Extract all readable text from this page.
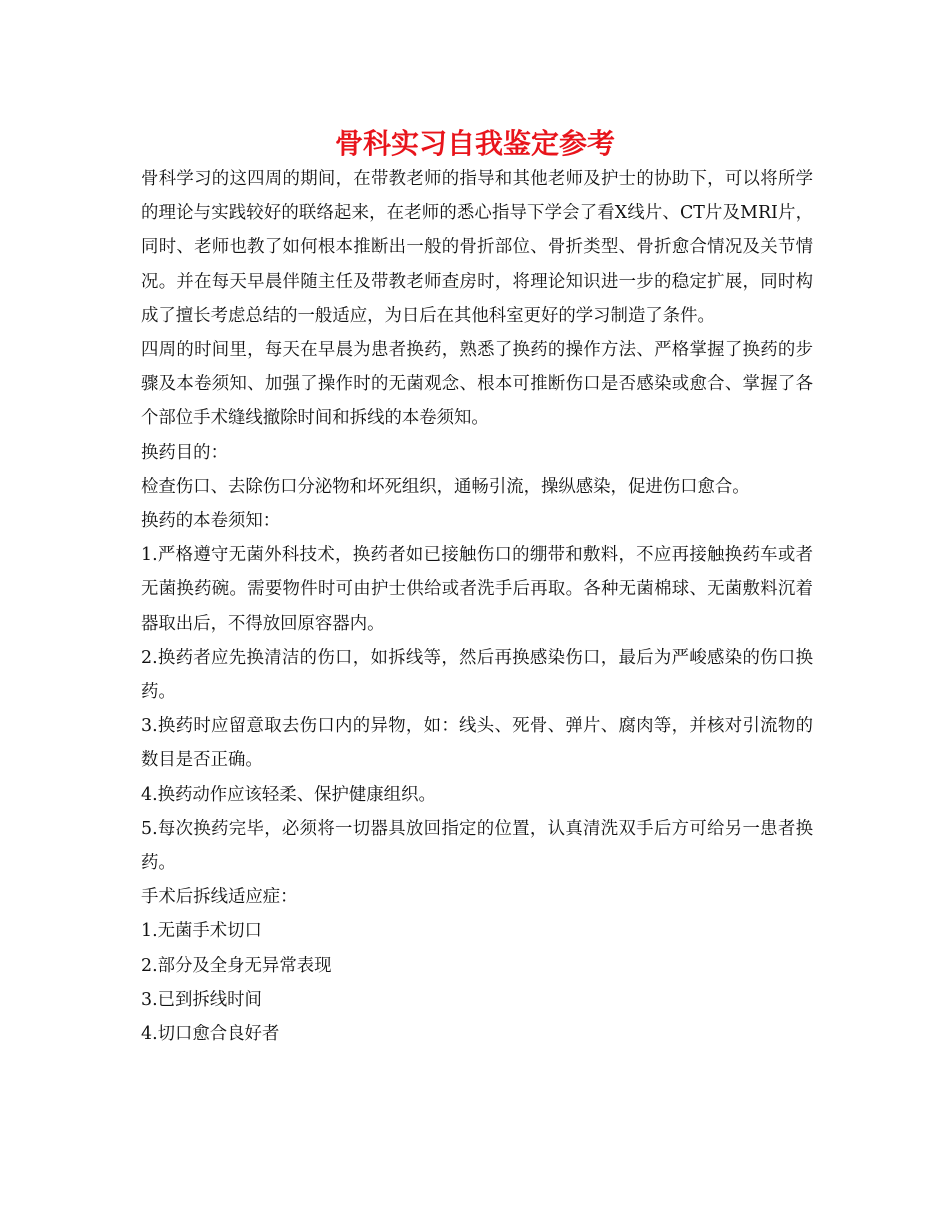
骨科实习自我鉴定参考

骨科学习的这四周的期间，在带教老师的指导和其他老师及护士的协助下，可以将所学的理论与实践较好的联络起来，在老师的悉心指导下学会了看X线片、CT片及MRI片，同时、老师也教了如何根本推断出一般的骨折部位、骨折类型、骨折愈合情况及关节情况。并在每天早晨伴随主任及带教老师查房时，将理论知识进一步的稳定扩展，同时构成了擅长考虑总结的一般适应，为日后在其他科室更好的学习制造了条件。

四周的时间里，每天在早晨为患者换药，熟悉了换药的操作方法、严格掌握了换药的步骤及本卷须知、加强了操作时的无菌观念、根本可推断伤口是否感染或愈合、掌握了各个部位手术缝线撤除时间和拆线的本卷须知。

换药目的：

检查伤口、去除伤口分泌物和坏死组织，通畅引流，操纵感染，促进伤口愈合。

换药的本卷须知：

1.严格遵守无菌外科技术，换药者如已接触伤口的绷带和敷料，不应再接触换药车或者无菌换药碗。需要物件时可由护士供给或者洗手后再取。各种无菌棉球、无菌敷料沉着器取出后，不得放回原容器内。

2.换药者应先换清洁的伤口，如拆线等，然后再换感染伤口，最后为严峻感染的伤口换药。

3.换药时应留意取去伤口内的异物，如：线头、死骨、弹片、腐肉等，并核对引流物的数目是否正确。

4.换药动作应该轻柔、保护健康组织。

5.每次换药完毕，必须将一切器具放回指定的位置，认真清洗双手后方可给另一患者换药。

手术后拆线适应症：

1.无菌手术切口

2.部分及全身无异常表现

3.已到拆线时间

4.切口愈合良好者
